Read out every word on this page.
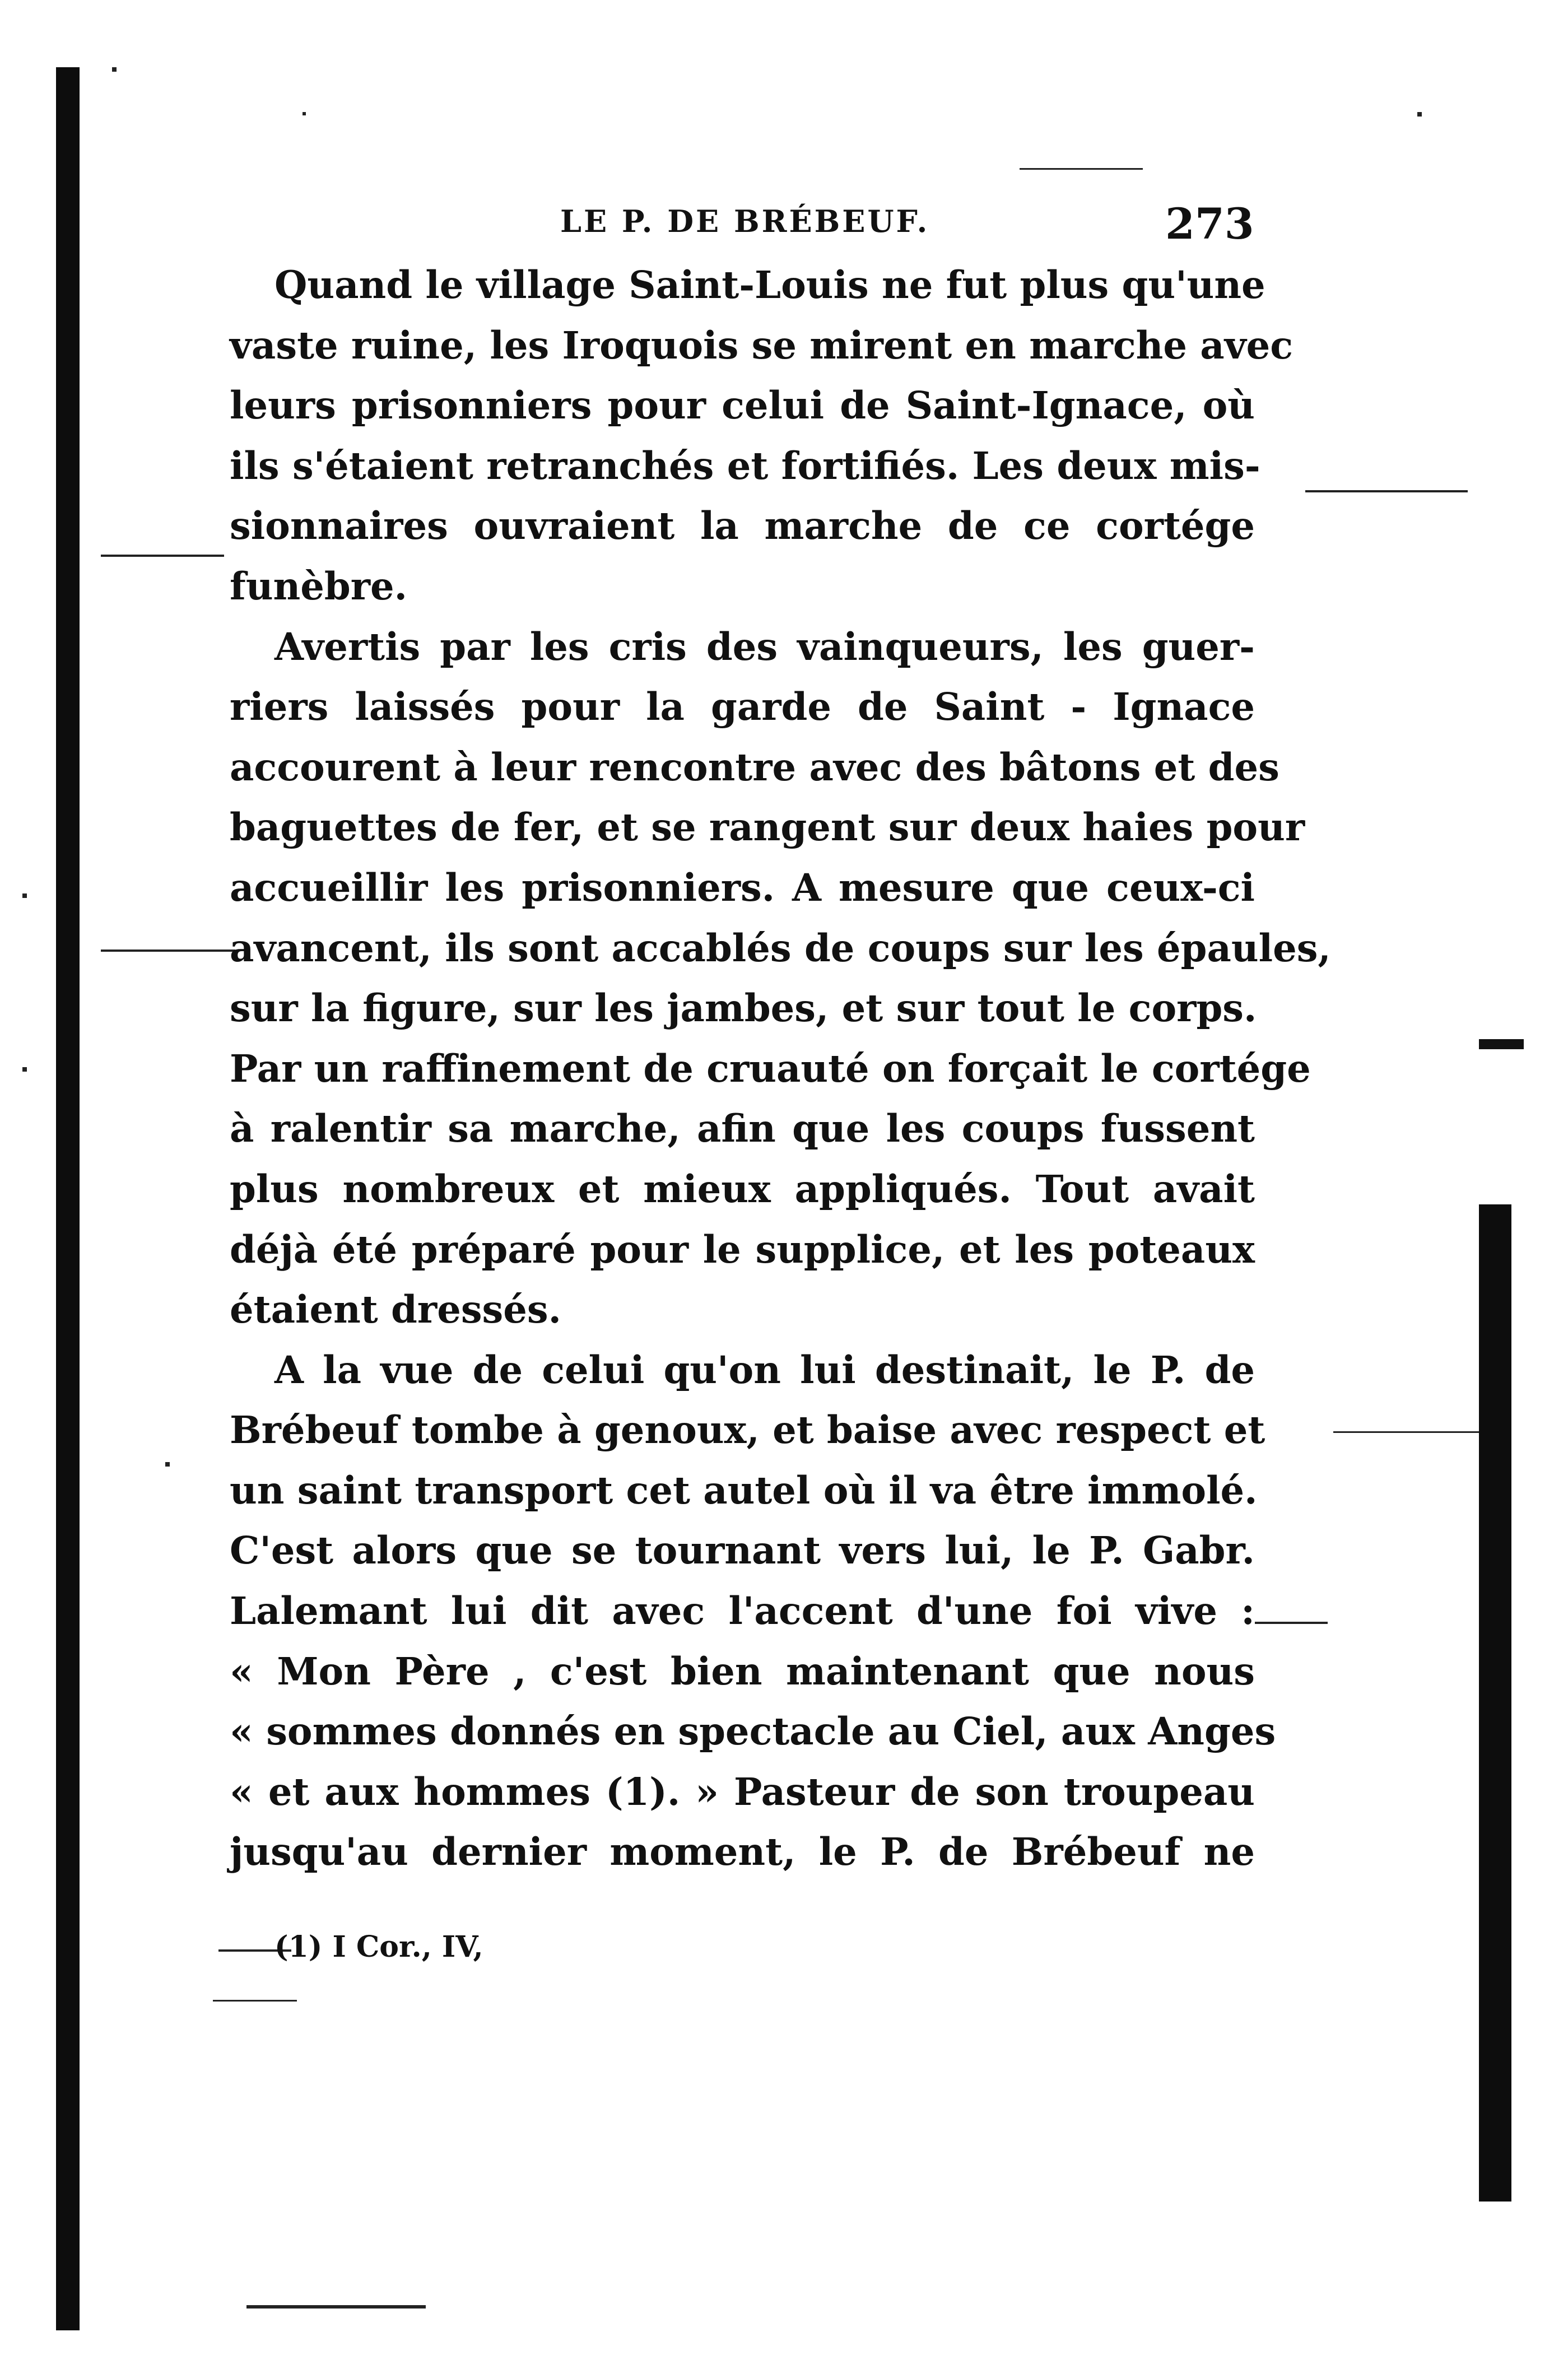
LE P. DE BRÉBEUF.	273
Quand le village Saint-Louis ne fut plus qu'une
vaste ruine, les Iroquois se mirent en marche avec
leurs prisonniers pour celui de Saint-Ignace, où
ils s'étaient retranchés et fortifiés. Les deux mis-
sionnaires ouvraient la marche de ce cortége
funèbre.
Avertis par les cris des vainqueurs, les guer-
riers laissés pour la garde de Saint - Ignace
accourent à leur rencontre avec des bâtons et des
baguettes de fer, et se rangent sur deux haies pour
accueillir les prisonniers. A mesure que ceux-ci
avancent, ils sont accablés de coups sur les épaules,
sur la figure, sur les jambes, et sur tout le corps.
Par un raffinement de cruauté on forçait le cortége
à ralentir sa marche, afin que les coups fussent
plus nombreux et mieux appliqués. Tout avait
déjà été préparé pour le supplice, et les poteaux
étaient dressés.
A la vue de celui qu'on lui destinait, le P. de
Brébeuf tombe à genoux, et baise avec respect et
un saint transport cet autel où il va être immolé.
C'est alors que se tournant vers lui, le P. Gabr.
Lalemant lui dit avec l'accent d'une foi vive :
« Mon Père , c'est bien maintenant que nous
« sommes donnés en spectacle au Ciel, aux Anges
« et aux hommes (1). » Pasteur de son troupeau
jusqu'au dernier moment, le P. de Brébeuf ne
(1) I Cor., IV,
